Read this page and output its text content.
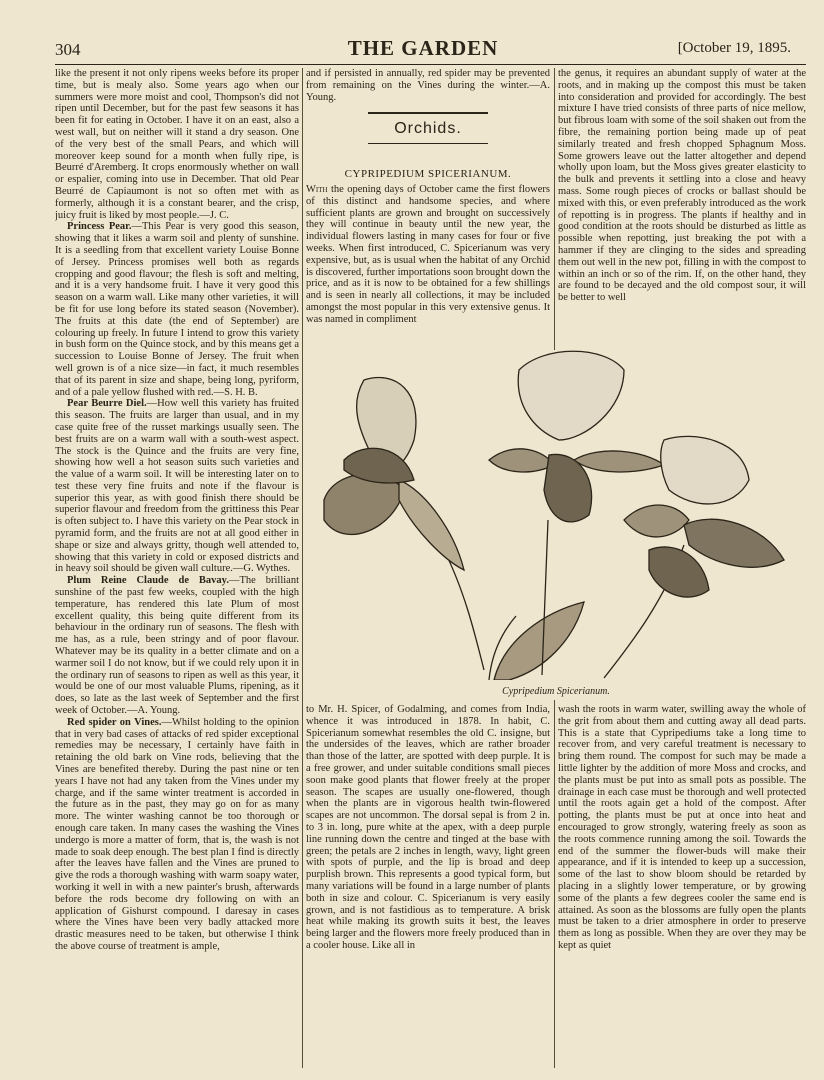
304	THE GARDEN	[October 19, 1895.

like the present it not only ripens weeks before its proper time, but is mealy also. Some years ago when our summers were more moist and cool, Thompson's did not ripen until December, but for the past few seasons it has been fit for eating in October. I have it on an east, also a west wall, but on neither will it stand a dry season. One of the very best of the small Pears, and which will moreover keep sound for a month when fully ripe, is Beurré d'Aremberg. It crops enormously whether on wall or espalier, coming into use in December. That old Pear Beurré de Capiaumont is not so often met with as formerly, although it is a constant bearer, and the crisp, juicy fruit is liked by most people.—J. C.

Princess Pear.—This Pear is very good this season, showing that it likes a warm soil and plenty of sunshine. It is a seedling from that excellent variety Louise Bonne of Jersey. Princess promises well both as regards cropping and good flavour; the flesh is soft and melting, and it is a very handsome fruit. I have it very good this season on a warm wall. Like many other varieties, it will be fit for use long before its stated season (November). The fruits at this date (the end of September) are colouring up freely. In future I intend to grow this variety in bush form on the Quince stock, and by this means get a succession to Louise Bonne of Jersey. The fruit when well grown is of a nice size—in fact, it much resembles that of its parent in size and shape, being long, pyriform, and of a pale yellow flushed with red.—S. H. B.

Pear Beurre Diel.—How well this variety has fruited this season. The fruits are larger than usual, and in my case quite free of the russet markings usually seen. The best fruits are on a warm wall with a south-west aspect. The stock is the Quince and the fruits are very fine, showing how well a hot season suits such varieties and the value of a warm soil. It will be interesting later on to test these very fine fruits and note if the flavour is superior this year, as with good finish there should be superior flavour and freedom from the grittiness this Pear is often subject to. I have this variety on the Pear stock in pyramid form, and the fruits are not at all good either in shape or size and always gritty, though well attended to, showing that this variety in cold or exposed districts and in heavy soil should be given wall culture.—G. Wythes.

Plum Reine Claude de Bavay.—The brilliant sunshine of the past few weeks, coupled with the high temperature, has rendered this late Plum of most excellent quality, this being quite different from its behaviour in the ordinary run of seasons. The flesh with me has, as a rule, been stringy and of poor flavour. Whatever may be its quality in a better climate and on a warmer soil I do not know, but if we could rely upon it in the ordinary run of seasons to ripen as well as this year, it would be one of our most valuable Plums, ripening, as it does, so late as the last week of September and the first week of October.—A. Young.

Red spider on Vines.—Whilst holding to the opinion that in very bad cases of attacks of red spider exceptional remedies may be necessary, I certainly have faith in retaining the old bark on Vine rods, believing that the Vines are benefited thereby. During the past nine or ten years I have not had any taken from the Vines under my charge, and if the same winter treatment is accorded in the future as in the past, they may go on for as many more. The winter washing cannot be too thorough or enough care taken. In many cases the washing the Vines undergo is more a matter of form, that is, the wash is not made to soak deep enough. The best plan I find is directly after the leaves have fallen and the Vines are pruned to give the rods a thorough washing with warm soapy water, working it well in with a new painter's brush, afterwards before the rods become dry following on with an application of Gishurst compound. I daresay in cases where the Vines have been very badly attacked more drastic measures need to be taken, but otherwise I think the above course of treatment is ample,

and if persisted in annually, red spider may be prevented from remaining on the Vines during the winter.—A. Young.

Orchids.
CYPRIPEDIUM SPICERIANUM.

With the opening days of October came the first flowers of this distinct and handsome species, and where sufficient plants are grown and brought on successively they will continue in beauty until the new year, the individual flowers lasting in many cases for four or five weeks. When first introduced, C. Spicerianum was very expensive, but, as is usual when the habitat of any Orchid is discovered, further importations soon brought down the price, and as it is now to be obtained for a few shillings and is seen in nearly all collections, it may be included amongst the most popular in this very extensive genus. It was named in compliment

the genus, it requires an abundant supply of water at the roots, and in making up the compost this must be taken into consideration and provided for accordingly. The best mixture I have tried consists of three parts of nice mellow, but fibrous loam with some of the soil shaken out from the fibre, the remaining portion being made up of peat similarly treated and fresh chopped Sphagnum Moss. Some growers leave out the latter altogether and depend wholly upon loam, but the Moss gives greater elasticity to the bulk and prevents it settling into a close and heavy mass. Some rough pieces of crocks or ballast should be mixed with this, or even preferably introduced as the work of repotting is in progress. The plants if healthy and in good condition at the roots should be disturbed as little as possible when repotting, just breaking the pot with a hammer if they are clinging to the sides and spreading them out well in the new pot, filling in with the compost to within an inch or so of the rim. If, on the other hand, they are found to be decayed and the old compost sour, it will be better to well

Cypripedium Spicerianum.

to Mr. H. Spicer, of Godalming, and comes from India, whence it was introduced in 1878. In habit, C. Spicerianum somewhat resembles the old C. insigne, but the undersides of the leaves, which are rather broader than those of the latter, are spotted with deep purple. It is a free grower, and under suitable conditions small pieces soon make good plants that flower freely at the proper season. The scapes are usually one-flowered, though when the plants are in vigorous health twin-flowered scapes are not uncommon. The dorsal sepal is from 2 in. to 3 in. long, pure white at the apex, with a deep purple line running down the centre and tinged at the base with green; the petals are 2 inches in length, wavy, light green with spots of purple, and the lip is broad and deep purplish brown. This represents a good typical form, but many variations will be found in a large number of plants both in size and colour. C. Spicerianum is very easily grown, and is not fastidious as to temperature. A brisk heat while making its growth suits it best, the leaves being larger and the flowers more freely produced than in a cooler house. Like all in

wash the roots in warm water, swilling away the whole of the grit from about them and cutting away all dead parts. This is a state that Cypripediums take a long time to recover from, and very careful treatment is necessary to bring them round. The compost for such may be made a little lighter by the addition of more Moss and crocks, and the plants must be put into as small pots as possible. The drainage in each case must be thorough and well protected until the roots again get a hold of the compost. After potting, the plants must be put at once into heat and encouraged to grow strongly, watering freely as soon as the roots commence running among the soil. Towards the end of the summer the flower-buds will make their appearance, and if it is intended to keep up a succession, some of the last to show bloom should be retarded by placing in a slightly lower temperature, or by growing some of the plants a few degrees cooler the same end is attained. As soon as the blossoms are fully open the plants must be taken to a drier atmosphere in order to preserve them as long as possible. When they are over they may be kept as quiet
